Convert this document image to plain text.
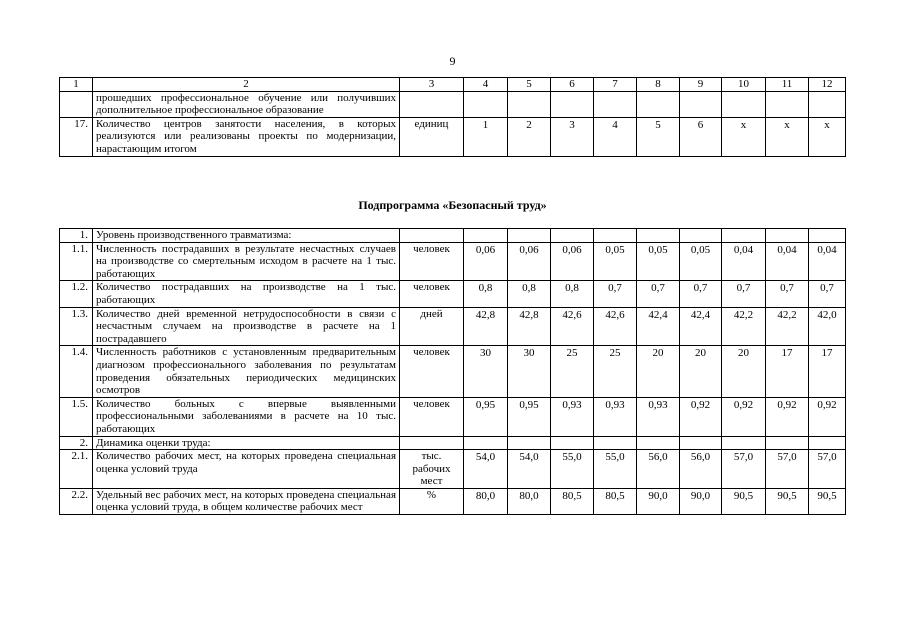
9
1	2	3	4	5	6	7	8	9	10	11	12
	прошедших профессиональное обучение или получивших дополнительное профессиональное образование										
17.	Количество центров занятости населения, в которых реализуются или реализованы проекты по модернизации, нарастающим итогом	единиц	1	2	3	4	5	6	х	х	х
Подпрограмма «Безопасный труд»
1.	Уровень производственного травматизма:										
1.1.	Численность пострадавших в результате несчастных случаев на производстве со смертельным исходом в расчете на 1 тыс. работающих	человек	0,06	0,06	0,06	0,05	0,05	0,05	0,04	0,04	0,04
1.2.	Количество пострадавших на производстве на 1 тыс. работающих	человек	0,8	0,8	0,8	0,7	0,7	0,7	0,7	0,7	0,7
1.3.	Количество дней временной нетрудоспособности в связи с несчастным случаем на производстве в расчете на 1 пострадавшего	дней	42,8	42,8	42,6	42,6	42,4	42,4	42,2	42,2	42,0
1.4.	Численность работников с установленным предварительным диагнозом профессионального заболевания по результатам проведения обязательных периодических медицинских осмотров	человек	30	30	25	25	20	20	20	17	17
1.5.	Количество больных с впервые выявленными профессиональными заболеваниями в расчете на 10 тыс. работающих	человек	0,95	0,95	0,93	0,93	0,93	0,92	0,92	0,92	0,92
2.	Динамика оценки труда:										
2.1.	Количество рабочих мест, на которых проведена специальная оценка условий труда	тыс. рабочих мест	54,0	54,0	55,0	55,0	56,0	56,0	57,0	57,0	57,0
2.2.	Удельный вес рабочих мест, на которых проведена специальная оценка условий труда, в общем количестве рабочих мест	%	80,0	80,0	80,5	80,5	90,0	90,0	90,5	90,5	90,5
